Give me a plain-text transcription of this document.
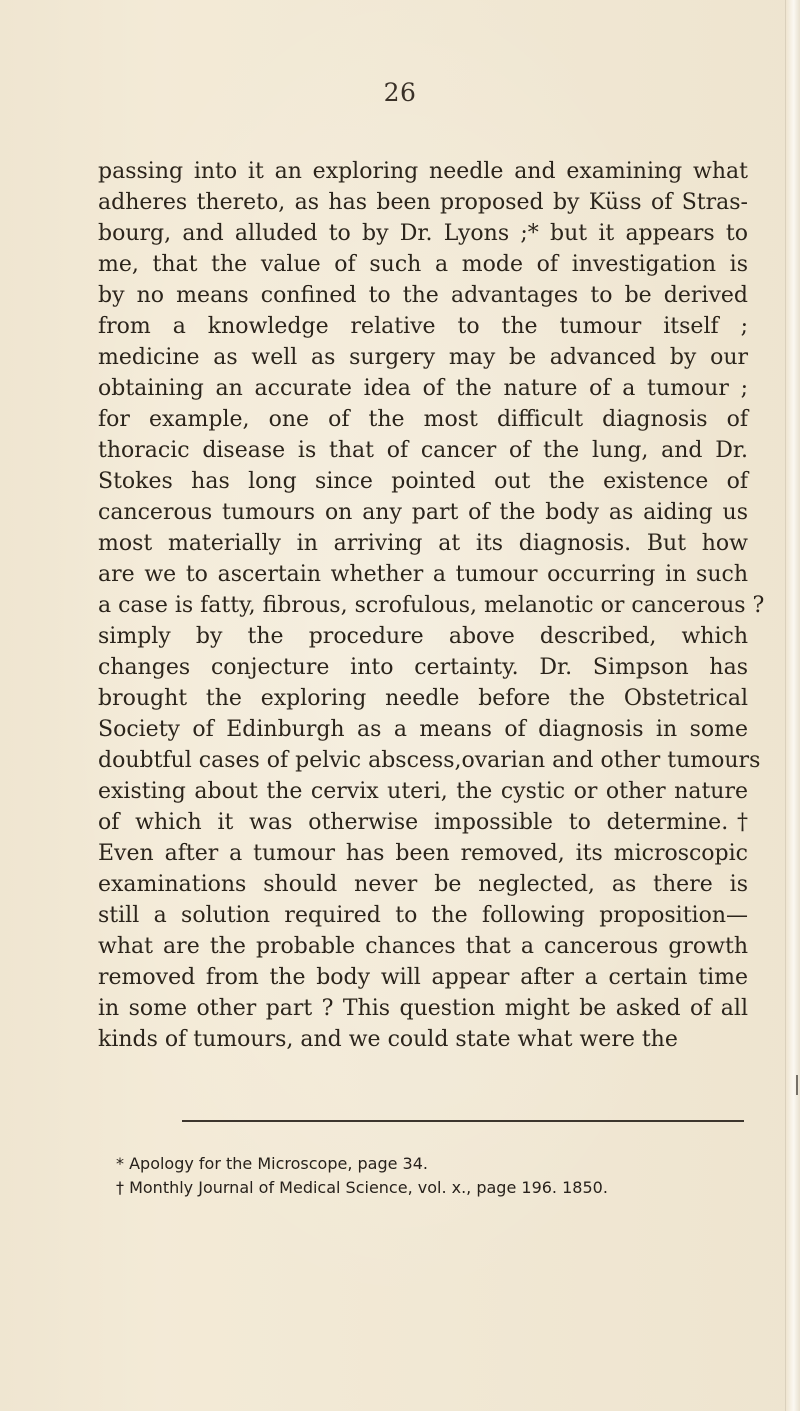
26
passing into it an exploring needle and examining what
adheres thereto, as has been proposed by Küss of Stras-
bourg, and alluded to by Dr. Lyons ;* but it appears to
me, that the value of such a mode of investigation is
by no means confined to the advantages to be derived
from a knowledge relative to the tumour itself ;
medicine as well as surgery may be advanced by our
obtaining an accurate idea of the nature of a tumour ;
for example, one of the most difficult diagnosis of
thoracic disease is that of cancer of the lung, and Dr.
Stokes has long since pointed out the existence of
cancerous tumours on any part of the body as aiding us
most materially in arriving at its diagnosis. But how
are we to ascertain whether a tumour occurring in such
a case is fatty, fibrous, scrofulous, melanotic or cancerous ?
simply by the procedure above described, which
changes conjecture into certainty. Dr. Simpson has
brought the exploring needle before the Obstetrical
Society of Edinburgh as a means of diagnosis in some
doubtful cases of pelvic abscess,ovarian and other tumours
existing about the cervix uteri, the cystic or other nature
of which it was otherwise impossible to determine.†
Even after a tumour has been removed, its microscopic
examinations should never be neglected, as there is
still a solution required to the following proposition—
what are the probable chances that a cancerous growth
removed from the body will appear after a certain time
in some other part ? This question might be asked of all
kinds of tumours, and we could state what were the
* Apology for the Microscope, page 34.
† Monthly Journal of Medical Science, vol. x., page 196. 1850.
